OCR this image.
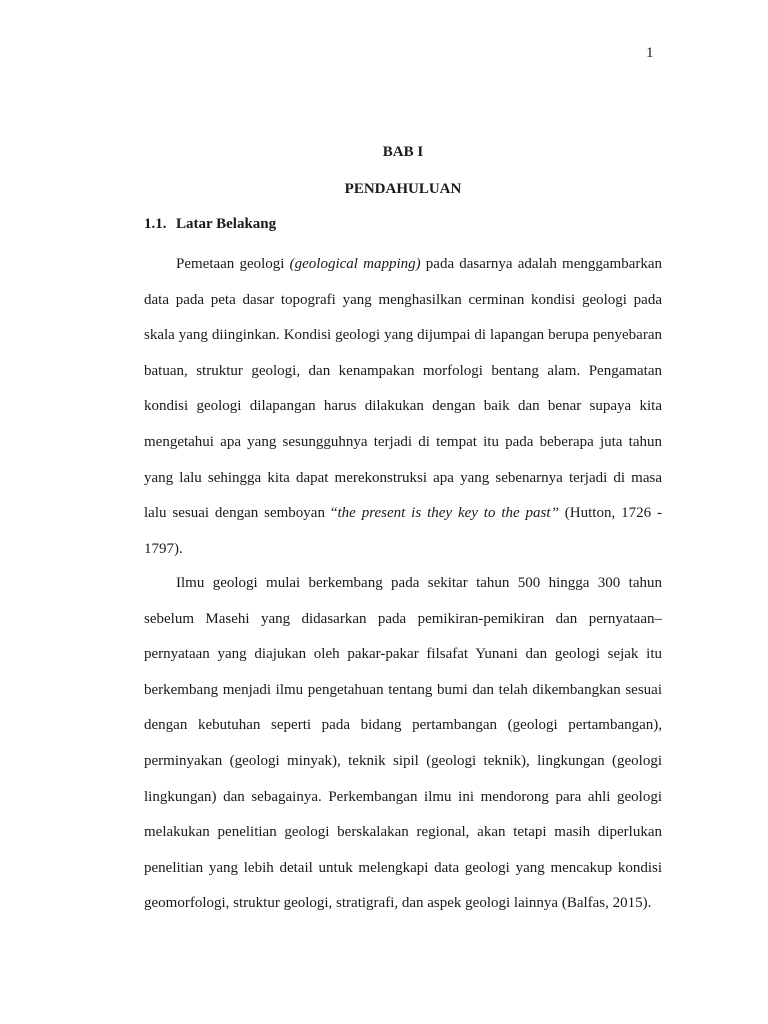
1
BAB I
PENDAHULUAN
1.1. Latar Belakang
Pemetaan geologi (geological mapping) pada dasarnya adalah menggambarkan
data pada peta dasar topografi yang menghasilkan cerminan kondisi geologi pada
skala yang diinginkan. Kondisi geologi yang dijumpai di lapangan berupa penyebaran
batuan, struktur geologi, dan kenampakan morfologi bentang alam. Pengamatan
kondisi geologi dilapangan harus dilakukan dengan baik dan benar supaya kita
mengetahui apa yang sesungguhnya terjadi di tempat itu pada beberapa juta tahun
yang lalu sehingga kita dapat merekonstruksi apa yang sebenarnya terjadi di masa
lalu sesuai dengan semboyan “the present is they key to the past” (Hutton, 1726 -
1797).
Ilmu geologi mulai berkembang pada sekitar tahun 500 hingga 300 tahun
sebelum Masehi yang didasarkan pada pemikiran-pemikiran dan pernyataan–
pernyataan yang diajukan oleh pakar-pakar filsafat Yunani dan geologi sejak itu
berkembang menjadi ilmu pengetahuan tentang bumi dan telah dikembangkan sesuai
dengan kebutuhan seperti pada bidang pertambangan (geologi pertambangan),
perminyakan (geologi minyak), teknik sipil (geologi teknik), lingkungan (geologi
lingkungan) dan sebagainya. Perkembangan ilmu ini mendorong para ahli geologi
melakukan penelitian geologi berskalakan regional, akan tetapi masih diperlukan
penelitian yang lebih detail untuk melengkapi data geologi yang mencakup kondisi
geomorfologi, struktur geologi, stratigrafi, dan aspek geologi lainnya (Balfas, 2015).
